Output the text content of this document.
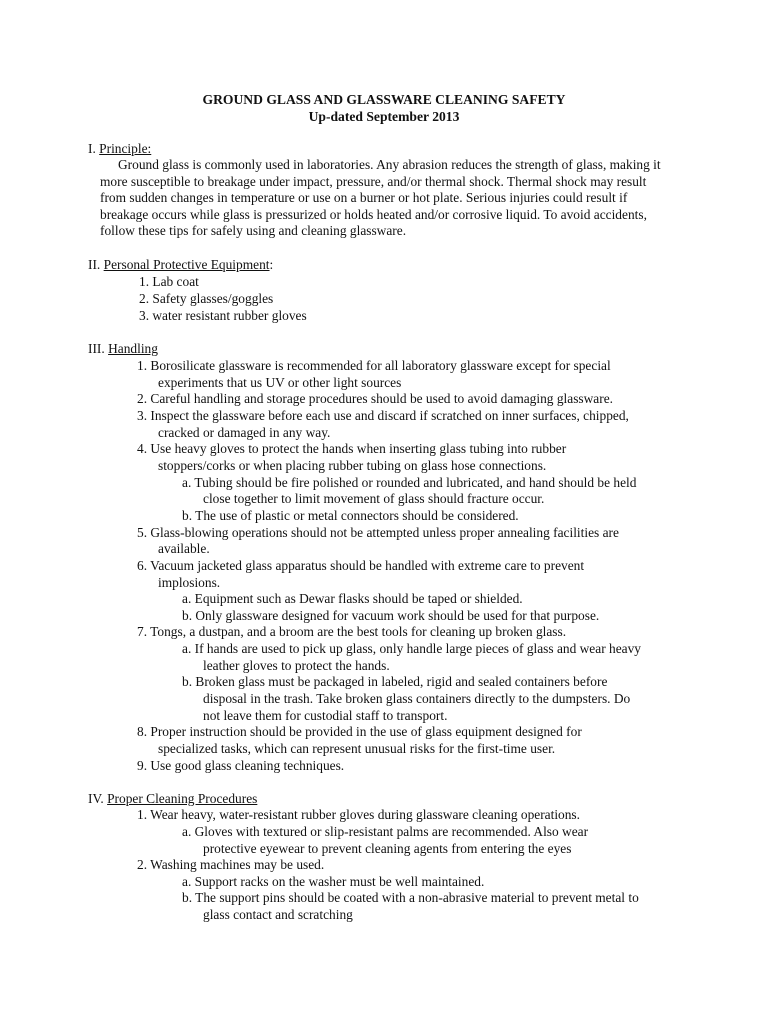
GROUND GLASS AND GLASSWARE CLEANING SAFETY
Up-dated September 2013
I. Principle:
Ground glass is commonly used in laboratories. Any abrasion reduces the strength of glass, making it more susceptible to breakage under impact, pressure, and/or thermal shock. Thermal shock may result from sudden changes in temperature or use on a burner or hot plate. Serious injuries could result if breakage occurs while glass is pressurized or holds heated and/or corrosive liquid. To avoid accidents, follow these tips for safely using and cleaning glassware.
II. Personal Protective Equipment:
1. Lab coat
2. Safety glasses/goggles
3. water resistant rubber gloves
III. Handling
1. Borosilicate glassware is recommended for all laboratory glassware except for special
experiments that us UV or other light sources
2. Careful handling and storage procedures should be used to avoid damaging glassware.
3. Inspect the glassware before each use and discard if scratched on inner surfaces, chipped,
cracked or damaged in any way.
4. Use heavy gloves to protect the hands when inserting glass tubing into rubber
stoppers/corks or when placing rubber tubing on glass hose connections.
a. Tubing should be fire polished or rounded and lubricated, and hand should be held
close together to limit movement of glass should fracture occur.
b. The use of plastic or metal connectors should be considered.
5. Glass-blowing operations should not be attempted unless proper annealing facilities are
available.
6. Vacuum jacketed glass apparatus should be handled with extreme care to prevent
implosions.
a. Equipment such as Dewar flasks should be taped or shielded.
b. Only glassware designed for vacuum work should be used for that purpose.
7. Tongs, a dustpan, and a broom are the best tools for cleaning up broken glass.
a. If hands are used to pick up glass, only handle large pieces of glass and wear heavy
leather gloves to protect the hands.
b. Broken glass must be packaged in labeled, rigid and sealed containers before
disposal in the trash. Take broken glass containers directly to the dumpsters. Do
not leave them for custodial staff to transport.
8. Proper instruction should be provided in the use of glass equipment designed for
specialized tasks, which can represent unusual risks for the first-time user.
9. Use good glass cleaning techniques.
IV. Proper Cleaning Procedures
1. Wear heavy, water-resistant rubber gloves during glassware cleaning operations.
a. Gloves with textured or slip-resistant palms are recommended. Also wear
protective eyewear to prevent cleaning agents from entering the eyes
2. Washing machines may be used.
a. Support racks on the washer must be well maintained.
b. The support pins should be coated with a non-abrasive material to prevent metal to
glass contact and scratching
